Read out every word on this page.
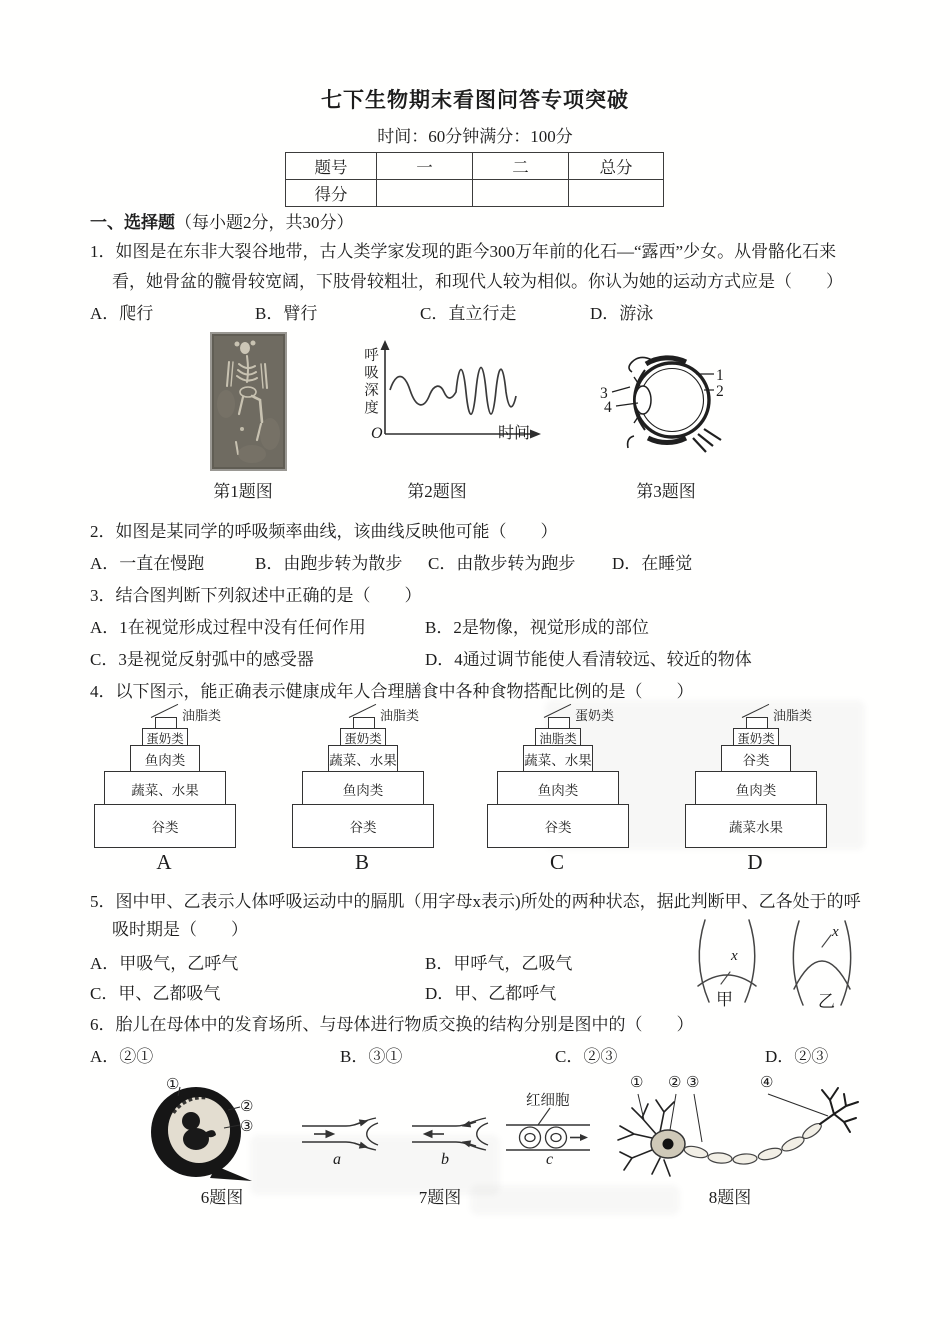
七下生物期末看图问答专项突破
时间：60分钟满分：100分
题号	一	二	总分
得分			
一、选择题（每小题2分，共30分）
1．如图是在东非大裂谷地带，古人类学家发现的距今300万年前的化石—“露西”少女。从骨骼化石来
看，她骨盆的髋骨较宽阔，下肢骨较粗壮，和现代人较为相似。你认为她的运动方式应是（　　）
A．爬行	B．臂行	C．直立行走	D．游泳
第1题图
呼吸深度
O	时间
第2题图
1
2
3
4
第3题图
2．如图是某同学的呼吸频率曲线，该曲线反映他可能（　　）
A．一直在慢跑	B．由跑步转为散步 C．由散步转为跑步 D．在睡觉
3．结合图判断下列叙述中正确的是（　　）
A．1在视觉形成过程中没有任何作用	B．2是物像，视觉形成的部位
C．3是视觉反射弧中的感受器	D．4通过调节能使人看清较远、较近的物体
4．以下图示，能正确表示健康成年人合理膳食中各种食物搭配比例的是（　　）
油脂类
蛋奶类
鱼肉类
蔬菜、水果
谷类
A
油脂类
蛋奶类
蔬菜、水果
鱼肉类
谷类
B
蛋奶类
油脂类
蔬菜、水果
鱼肉类
谷类
C
油脂类
蛋奶类
谷类
鱼肉类
蔬菜水果
D
5．图中甲、乙表示人体呼吸运动中的膈肌（用字母x表示)所处的两种状态，据此判断甲、乙各处于的呼
吸时期是（　　）
A．甲吸气，乙呼气	B．甲呼气，乙吸气
C．甲、乙都吸气	D．甲、乙都呼气
x
甲
x
乙
6．胎儿在母体中的发育场所、与母体进行物质交换的结构分别是图中的（　　）
A．②①	B．③①	C．②③	D．②③
①
②
③
6题图
红细胞
a	b	c
7题图
① ② ③	④
8题图
